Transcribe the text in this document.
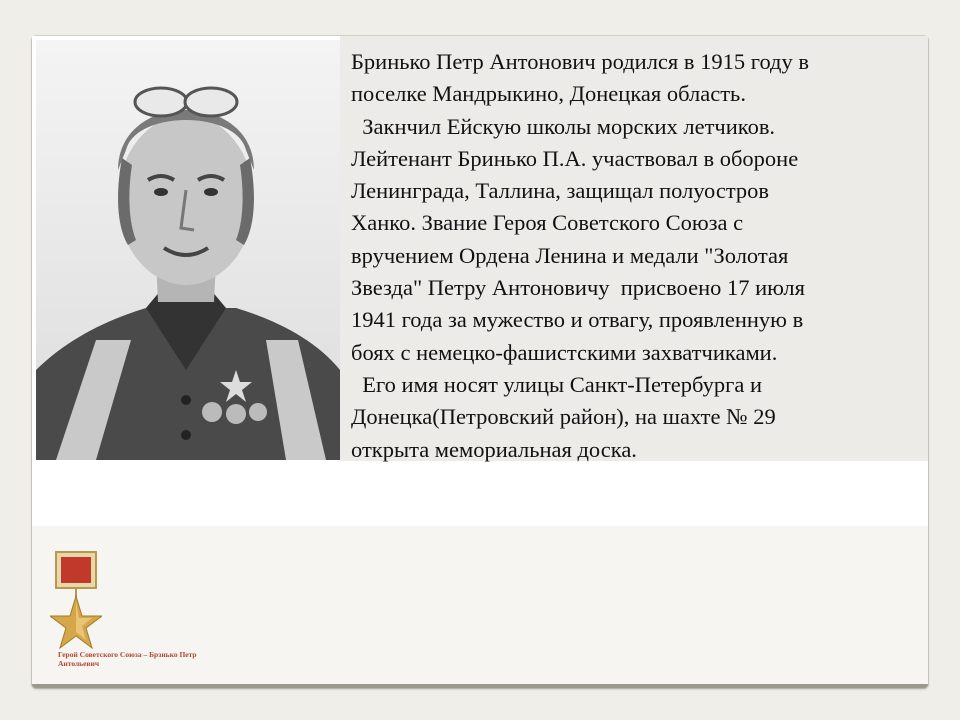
Бринько Петр Антонович родился в 1915 году в

поселке Мандрыкино, Донецкая область.

Закнчил Ейскую школы морских летчиков.

Лейтенант Бринько П.А. участвовал в обороне

Ленинграда, Таллина, защищал полуостров

Ханко. Звание Героя Советского Союза с

вручением Ордена Ленина и медали "Золотая

Звезда" Петру Антоновичу  присвоено 17 июля

1941 года за мужество и отвагу, проявленную в

боях с немецко-фашистскими захватчиками.

Его имя носят улицы Санкт-Петербурга и

Донецка(Петровский район), на шахте № 29

открыта мемориальная доска.

Герой Советского Союза – Брзнько Петр Антольевич
